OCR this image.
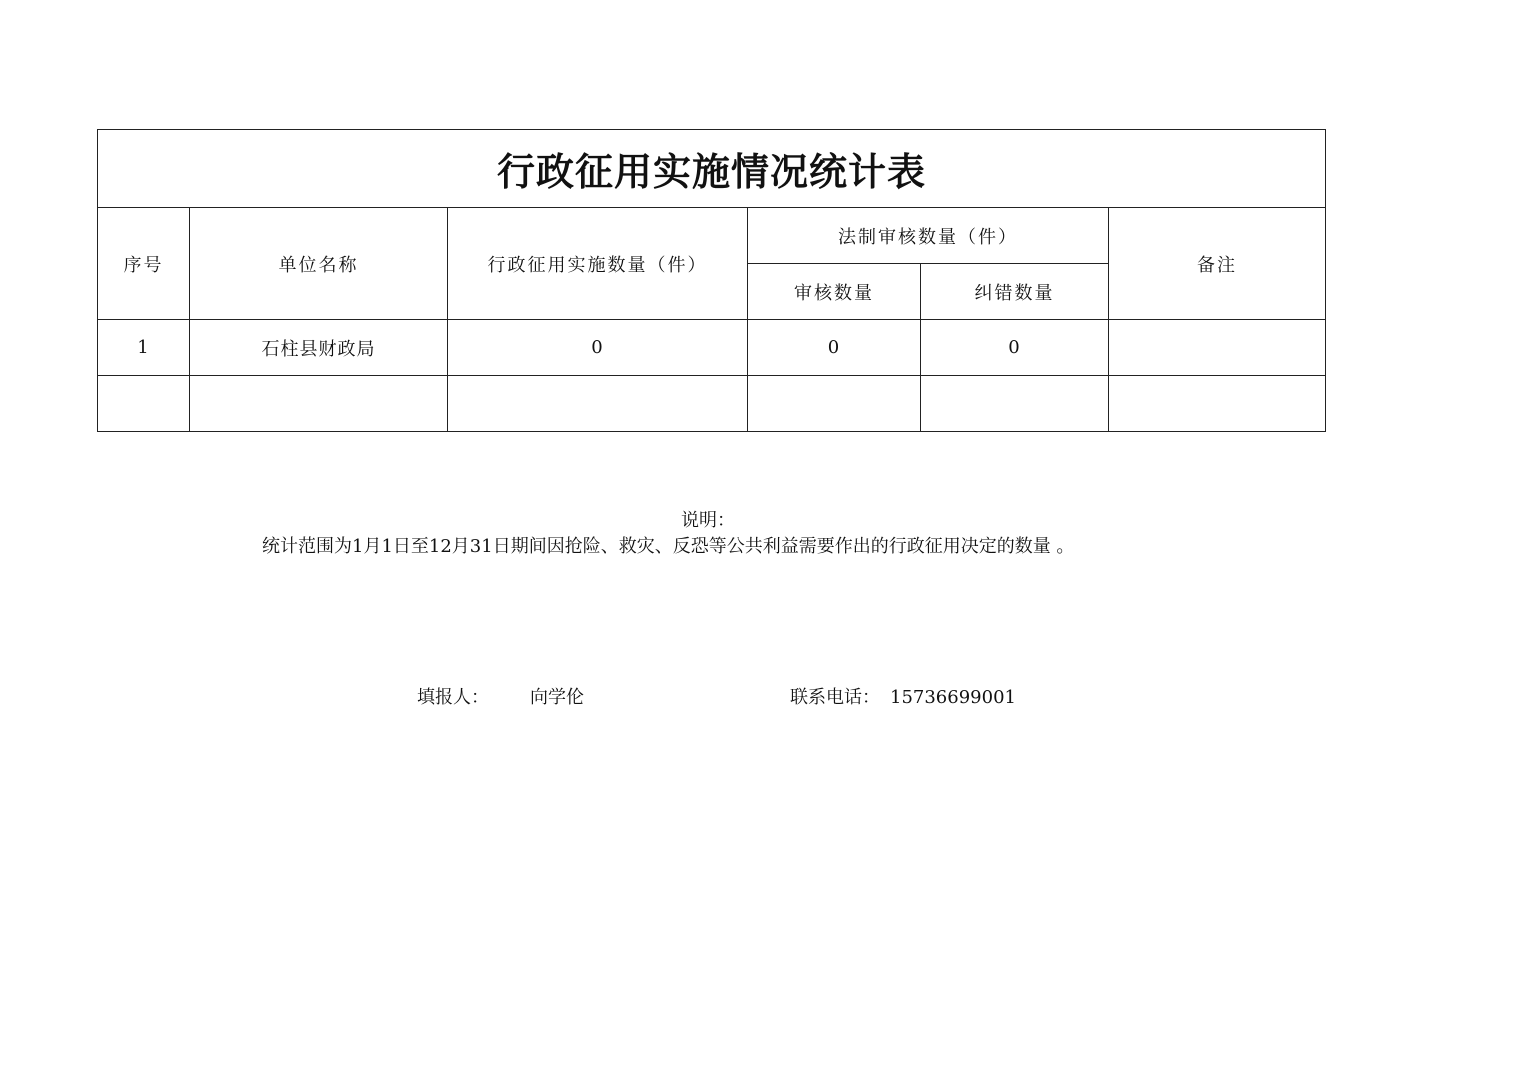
行政征用实施情况统计表					
序号	单位名称	行政征用实施数量（件）	法制审核数量（件）		备注
			审核数量	纠错数量	
1	石柱县财政局	0	0	0	

说明：
统计范围为1月1日至12月31日期间因抢险、救灾、反恐等公共利益需要作出的行政征用决定的数量 。
填报人： 向学伦	联系电话： 15736699001
